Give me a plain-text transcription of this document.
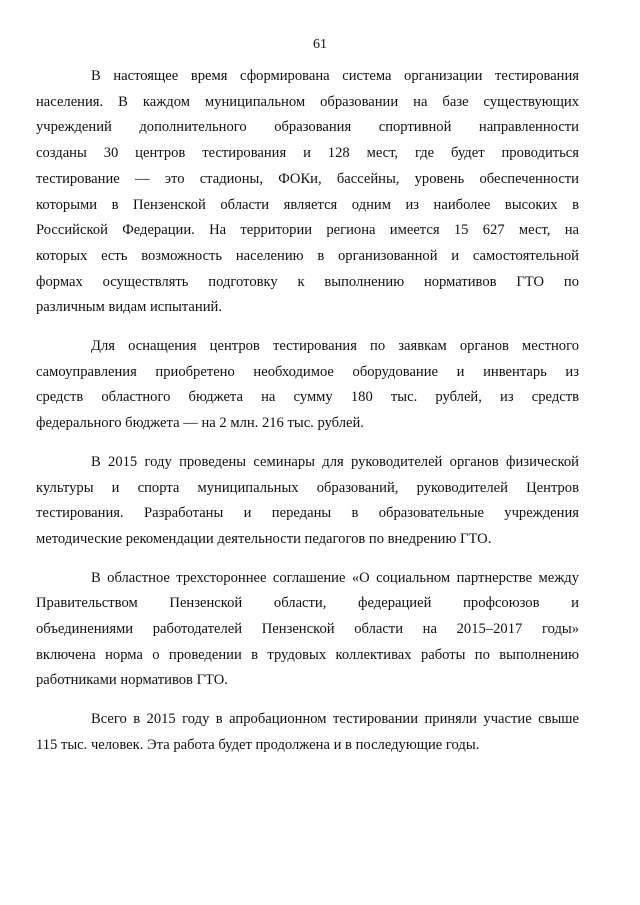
61

В настоящее время сформирована система организации тестирования
населения. В каждом муниципальном образовании на базе существующих
учреждений дополнительного образования спортивной направленности
созданы 30 центров тестирования и 128 мест, где будет проводиться
тестирование — это стадионы, ФОКи, бассейны, уровень обеспеченности
которыми в Пензенской области является одним из наиболее высоких в
Российской Федерации. На территории региона имеется 15 627 мест, на
которых есть возможность населению в организованной и самостоятельной
формах осуществлять подготовку к выполнению нормативов ГТО по
различным видам испытаний.

Для оснащения центров тестирования по заявкам органов местного
самоуправления приобретено необходимое оборудование и инвентарь из
средств областного бюджета на сумму 180 тыс. рублей, из средств
федерального бюджета — на 2 млн. 216 тыс. рублей.

В 2015 году проведены семинары для руководителей органов физической
культуры и спорта муниципальных образований, руководителей Центров
тестирования. Разработаны и переданы в образовательные учреждения
методические рекомендации деятельности педагогов по внедрению ГТО.

В областное трехстороннее соглашение «О социальном партнерстве между
Правительством Пензенской области, федерацией профсоюзов и
объединениями работодателей Пензенской области на 2015–2017 годы»
включена норма о проведении в трудовых коллективах работы по выполнению
работниками нормативов ГТО.

Всего в 2015 году в апробационном тестировании приняли участие свыше
115 тыс. человек. Эта работа будет продолжена и в последующие годы.
